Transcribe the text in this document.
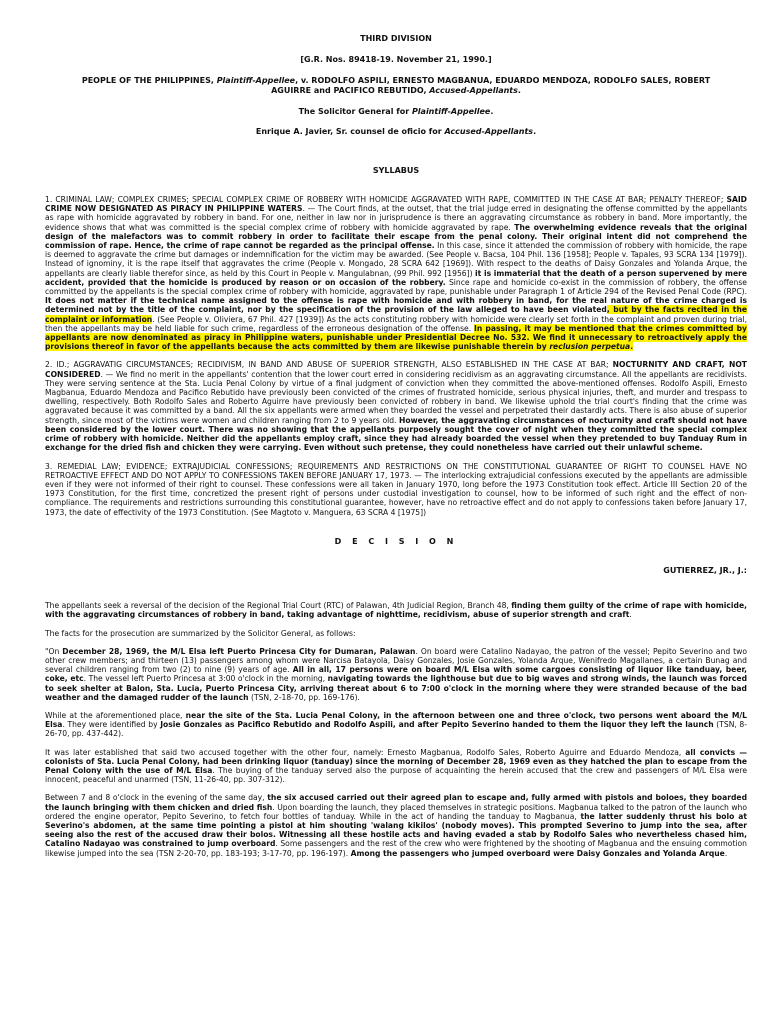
THIRD DIVISION
[G.R. Nos. 89418-19. November 21, 1990.]
PEOPLE OF THE PHILIPPINES, Plaintiff-Appellee, v. RODOLFO ASPILI, ERNESTO MAGBANUA, EDUARDO MENDOZA, RODOLFO SALES, ROBERT AGUIRRE and PACIFICO REBUTIDO, Accused-Appellants.
The Solicitor General for Plaintiff-Appellee.
Enrique A. Javier, Sr. counsel de oficio for Accused-Appellants.
SYLLABUS

1. CRIMINAL LAW; COMPLEX CRIMES; SPECIAL COMPLEX CRIME OF ROBBERY WITH HOMICIDE AGGRAVATED WITH RAPE, COMMITTED IN THE CASE AT BAR; PENALTY THEREOF; SAID CRIME NOW DESIGNATED AS PIRACY IN PHILIPPINE WATERS. — The Court finds, at the outset, that the trial judge erred in designating the offense committed by the appellants as rape with homicide aggravated by robbery in band. For one, neither in law nor in jurisprudence is there an aggravating circumstance as robbery in band. More importantly, the evidence shows that what was committed is the special complex crime of robbery with homicide aggravated by rape. The overwhelming evidence reveals that the original design of the malefactors was to commit robbery in order to facilitate their escape from the penal colony. Their original intent did not comprehend the commission of rape. Hence, the crime of rape cannot be regarded as the principal offense. In this case, since it attended the commission of robbery with homicide, the rape is deemed to aggravate the crime but damages or indemnification for the victim may be awarded. (See People v. Bacsa, 104 Phil. 136 [1958]; People v. Tapales, 93 SCRA 134 [1979]). Instead of ignominy, it is the rape itself that aggravates the crime (People v. Mongado, 28 SCRA 642 [1969]). With respect to the deaths of Daisy Gonzales and Yolanda Arque, the appellants are clearly liable therefor since, as held by this Court in People v. Mangulabnan, (99 Phil. 992 [1956]) it is immaterial that the death of a person supervened by mere accident, provided that the homicide is produced by reason or on occasion of the robbery. Since rape and homicide co-exist in the commission of robbery, the offense committed by the appellants is the special complex crime of robbery with homicide, aggravated by rape, punishable under Paragraph 1 of Article 294 of the Revised Penal Code (RPC). It does not matter if the technical name assigned to the offense is rape with homicide and with robbery in band, for the real nature of the crime charged is determined not by the title of the complaint, nor by the specification of the provision of the law alleged to have been violated, but by the facts recited in the complaint or information. (See People v. Oliviera, 67 Phil. 427 [1939]) As the acts constituting robbery with homicide were clearly set forth in the complaint and proven during trial, then the appellants may be held liable for such crime, regardless of the erroneous designation of the offense. In passing, it may be mentioned that the crimes committed by appellants are now denominated as piracy in Philippine waters, punishable under Presidential Decree No. 532. We find it unnecessary to retroactively apply the provisions thereof in favor of the appellants because the acts committed by them are likewise punishable therein by reclusion perpetua.

2. ID.; AGGRAVATIG CIRCUMSTANCES; RECIDIVISM, IN BAND AND ABUSE OF SUPERIOR STRENGTH, ALSO ESTABLISHED IN THE CASE AT BAR; NOCTURNITY AND CRAFT, NOT CONSIDERED. — We find no merit in the appellants' contention that the lower court erred in considering recidivism as an aggravating circumstance. All the appellants are recidivists. They were serving sentence at the Sta. Lucia Penal Colony by virtue of a final judgment of conviction when they committed the above-mentioned offenses. Rodolfo Aspili, Ernesto Magbanua, Eduardo Mendoza and Pacifico Rebutido have previously been convicted of the crimes of frustrated homicide, serious physical injuries, theft, and murder and trespass to dwelling, respectively. Both Rodolfo Sales and Roberto Aguirre have previously been convicted of robbery in band. We likewise uphold the trial court's finding that the crime was aggravated because it was committed by a band. All the six appellants were armed when they boarded the vessel and perpetrated their dastardly acts. There is also abuse of superior strength, since most of the victims were women and children ranging from 2 to 9 years old. However, the aggravating circumstances of nocturnity and craft should not have been considered by the lower court. There was no showing that the appellants purposely sought the cover of night when they committed the special complex crime of robbery with homicide. Neither did the appellants employ craft, since they had already boarded the vessel when they pretended to buy Tanduay Rum in exchange for the dried fish and chicken they were carrying. Even without such pretense, they could nonetheless have carried out their unlawful scheme.

3. REMEDIAL LAW; EVIDENCE; EXTRAJUDICIAL CONFESSIONS; REQUIREMENTS AND RESTRICTIONS ON THE CONSTITUTIONAL GUARANTEE OF RIGHT TO COUNSEL HAVE NO RETROACTIVE EFFECT AND DO NOT APPLY TO CONFESSIONS TAKEN BEFORE JANUARY 17, 1973. — The interlocking extrajudicial confessions executed by the appellants are admissible even if they were not informed of their right to counsel. These confessions were all taken in January 1970, long before the 1973 Constitution took effect. Article III Section 20 of the 1973 Constitution, for the first time, concretized the present right of persons under custodial investigation to counsel, how to be informed of such right and the effect of non-compliance. The requirements and restrictions surrounding this constitutional guarantee, however, have no retroactive effect and do not apply to confessions taken before January 17, 1973, the date of effectivity of the 1973 Constitution. (See Magtoto v. Manguera, 63 SCRA 4 [1975])

D E C I S I O N
GUTIERREZ, JR., J.:

The appellants seek a reversal of the decision of the Regional Trial Court (RTC) of Palawan, 4th Judicial Region, Branch 48, finding them guilty of the crime of rape with homicide, with the aggravating circumstances of robbery in band, taking advantage of nighttime, recidivism, abuse of superior strength and craft.

The facts for the prosecution are summarized by the Solicitor General, as follows:

"On December 28, 1969, the M/L Elsa left Puerto Princesa City for Dumaran, Palawan. On board were Catalino Nadayao, the patron of the vessel; Pepito Severino and two other crew members; and thirteen (13) passengers among whom were Narcisa Batayola, Daisy Gonzales, Josie Gonzales, Yolanda Arque, Wenifredo Magallanes, a certain Bunag and several children ranging from two (2) to nine (9) years of age. All in all, 17 persons were on board M/L Elsa with some cargoes consisting of liquor like tanduay, beer, coke, etc. The vessel left Puerto Princesa at 3:00 o'clock in the morning, navigating towards the lighthouse but due to big waves and strong winds, the launch was forced to seek shelter at Balon, Sta. Lucia, Puerto Princesa City, arriving thereat about 6 to 7:00 o'clock in the morning where they were stranded because of the bad weather and the damaged rudder of the launch (TSN, 2-18-70, pp. 169-176).

While at the aforementioned place, near the site of the Sta. Lucia Penal Colony, in the afternoon between one and three o'clock, two persons went aboard the M/L Elsa. They were identified by Josie Gonzales as Pacifico Rebutido and Rodolfo Aspili, and after Pepito Severino handed to them the liquor they left the launch (TSN, 8-26-70, pp. 437-442).

It was later established that said two accused together with the other four, namely: Ernesto Magbanua, Rodolfo Sales, Roberto Aguirre and Eduardo Mendoza, all convicts — colonists of Sta. Lucia Penal Colony, had been drinking liquor (tanduay) since the morning of December 28, 1969 even as they hatched the plan to escape from the Penal Colony with the use of M/L Elsa. The buying of the tanduay served also the purpose of acquainting the herein accused that the crew and passengers of M/L Elsa were innocent, peaceful and unarmed (TSN, 11-26-40, pp. 307-312).

Between 7 and 8 o'clock in the evening of the same day, the six accused carried out their agreed plan to escape and, fully armed with pistols and boloes, they boarded the launch bringing with them chicken and dried fish. Upon boarding the launch, they placed themselves in strategic positions. Magbanua talked to the patron of the launch who ordered the engine operator, Pepito Severino, to fetch four bottles of tanduay. While in the act of handing the tanduay to Magbanua, the latter suddenly thrust his bolo at Severino's abdomen, at the same time pointing a pistol at him shouting 'walang kikilos' (nobody moves). This prompted Severino to jump into the sea, after seeing also the rest of the accused draw their bolos. Witnessing all these hostile acts and having evaded a stab by Rodolfo Sales who nevertheless chased him, Catalino Nadayao was constrained to jump overboard. Some passengers and the rest of the crew who were frightened by the shooting of Magbanua and the ensuing commotion likewise jumped into the sea (TSN 2-20-70, pp. 183-193; 3-17-70, pp. 196-197). Among the passengers who jumped overboard were Daisy Gonzales and Yolanda Arque.
